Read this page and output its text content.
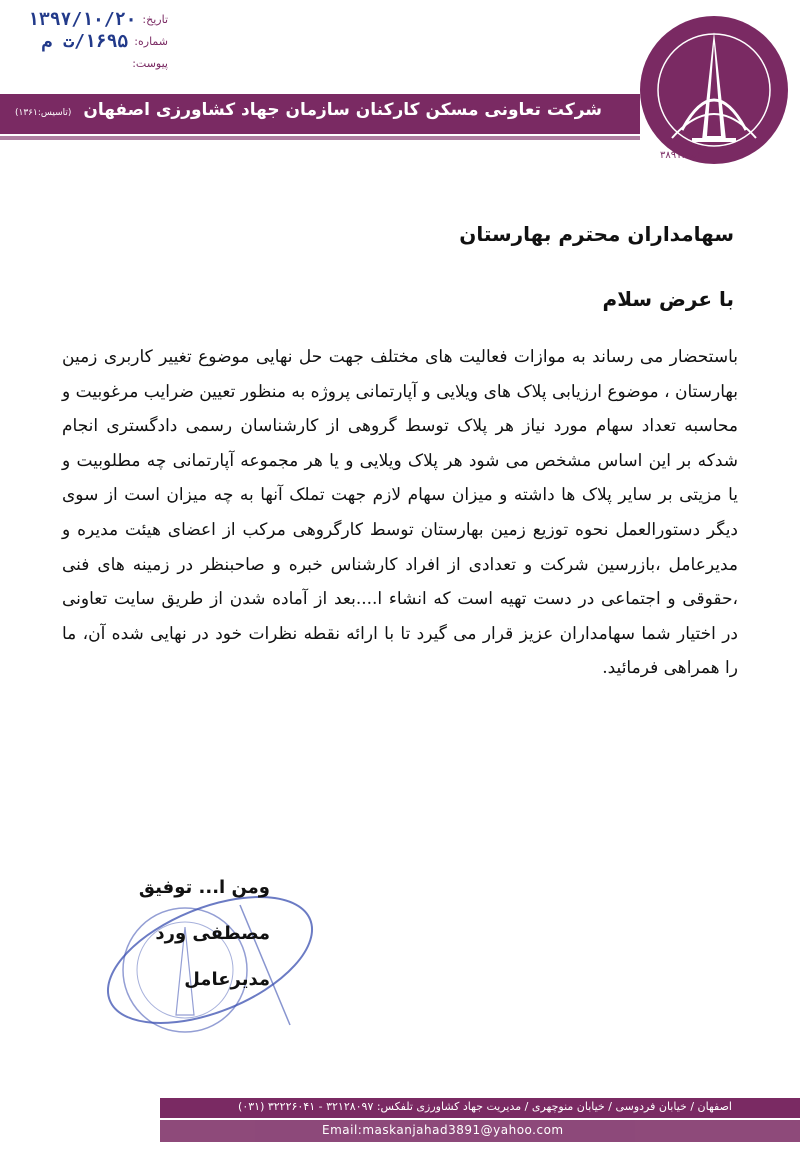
تاریخ:
۱۳۹۷/۱۰/۲۰
شماره:
۱۶۹۵/ت م
پیوست:
شرکت تعاونی مسکن کارکنان سازمان جهاد کشاورزی اصفهان (تاسیس:۱۳۶۱)
ثبت:۳۸۹۱
سهامداران محترم بهارستان
با عرض سلام
باستحضار می رساند به موازات فعالیت های مختلف جهت حل نهایی موضوع تغییر کاربری زمین بهارستان ، موضوع ارزیابی پلاک های ویلایی و آپارتمانی پروژه به منظور تعیین ضرایب مرغوبیت و محاسبه تعداد سهام مورد نیاز هر پلاک توسط گروهی از کارشناسان رسمی دادگستری انجام شدکه بر این اساس مشخص می شود هر پلاک ویلایی و یا هر مجموعه آپارتمانی چه مطلوبیت و یا مزیتی بر سایر پلاک ها داشته و میزان سهام لازم جهت تملک آنها به چه میزان است از سوی دیگر دستورالعمل نحوه توزیع زمین بهارستان توسط کارگروهی مرکب از اعضای هیئت مدیره و مدیرعامل ،بازرسین شرکت و تعدادی از افراد کارشناس خبره و صاحبنظر در زمینه های فنی ،حقوقی و اجتماعی در دست تهیه است که انشاء ا....بعد از آماده شدن از طریق سایت تعاونی در اختیار شما سهامداران عزیز قرار می گیرد تا با ارائه نقطه نظرات خود در نهایی شده آن، ما را همراهی فرمائید.
ومن ا... توفیق
مصطفی ورد
مدیرعامل
اصفهان / خیابان فردوسی / خیابان منوچهری / مدیریت جهاد کشاورزی تلفکس: ۳۲۱۲۸۰۹۷ - ۳۲۲۲۶۰۴۱ (۰۳۱)
Email:maskanjahad3891@yahoo.com
